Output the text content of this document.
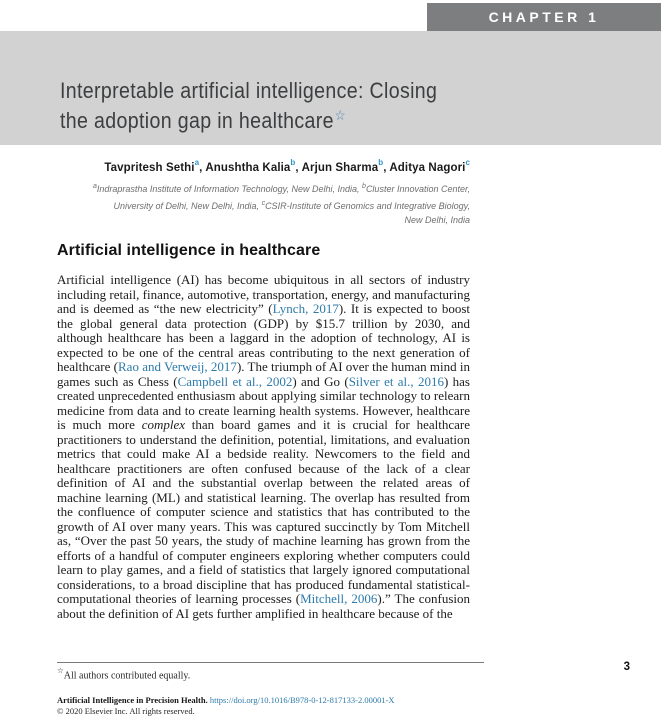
CHAPTER 1
Interpretable artificial intelligence: Closing
the adoption gap in healthcare☆
Tavpritesh Sethi$^a$, Anushtha Kalia$^b$, Arjun Sharma$^b$, Aditya Nagori$^c$
$^a$Indraprastha Institute of Information Technology, New Delhi, India, $^b$Cluster Innovation Center,
University of Delhi, New Delhi, India, $^c$CSIR-Institute of Genomics and Integrative Biology,
New Delhi, India
Artificial intelligence in healthcare

Artificial intelligence (AI) has become ubiquitous in all sectors of industry including retail, finance, automotive, transportation, energy, and manufacturing and is deemed as “the new electricity” (Lynch, 2017). It is expected to boost the global general data protection (GDP) by $15.7 trillion by 2030, and although healthcare has been a laggard in the adoption of technology, AI is expected to be one of the central areas contributing to the next generation of healthcare (Rao and Verweij, 2017). The triumph of AI over the human mind in games such as Chess (Campbell et al., 2002) and Go (Silver et al., 2016) has created unprecedented enthusiasm about applying similar technology to relearn medicine from data and to create learning health systems. However, healthcare is much more complex than board games and it is crucial for healthcare practitioners to understand the definition, potential, limitations, and evaluation metrics that could make AI a bedside reality. Newcomers to the field and healthcare practitioners are often confused because of the lack of a clear definition of AI and the substantial overlap between the related areas of machine learning (ML) and statistical learning. The overlap has resulted from the confluence of computer science and statistics that has contributed to the growth of AI over many years. This was captured succinctly by Tom Mitchell as, “Over the past 50 years, the study of machine learning has grown from the efforts of a handful of computer engineers exploring whether computers could learn to play games, and a field of statistics that largely ignored computational considerations, to a broad discipline that has produced fundamental statistical-computational theories of learning processes (Mitchell, 2006).” The confusion about the definition of AI gets further amplified in healthcare because of the

☆All authors contributed equally.
3
Artificial Intelligence in Precision Health. https://doi.org/10.1016/B978-0-12-817133-2.00001-X
© 2020 Elsevier Inc. All rights reserved.
